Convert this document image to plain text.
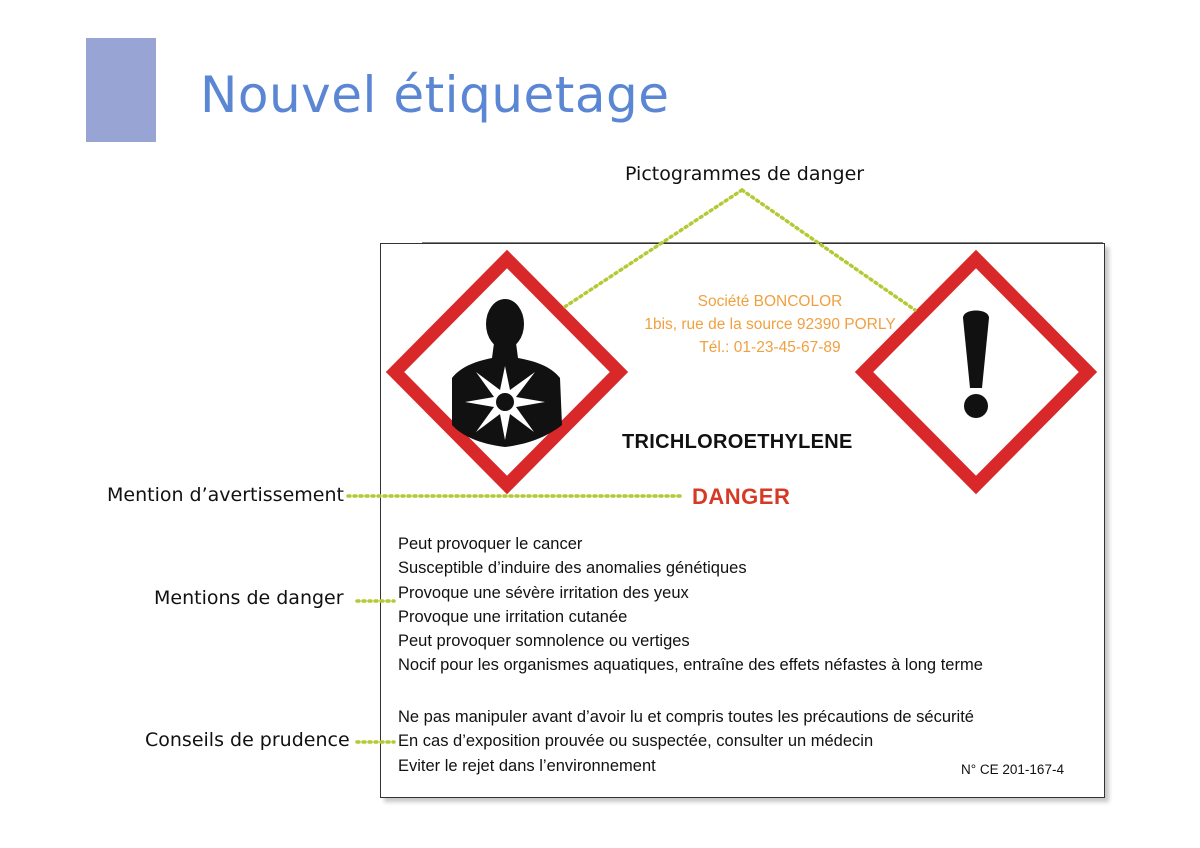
Nouvel étiquetage
Pictogrammes de danger
Mention d’avertissement
Mentions de danger
Conseils de prudence
Société BONCOLOR
1bis, rue de la source 92390 PORLY
Tél.: 01-23-45-67-89
TRICHLOROETHYLENE
DANGER
Peut provoquer le cancer
Susceptible d’induire des anomalies génétiques
Provoque une sévère irritation des yeux
Provoque une irritation cutanée
Peut provoquer somnolence ou vertiges
Nocif pour les organismes aquatiques, entraîne des effets néfastes à long terme
Ne pas manipuler avant d’avoir lu et compris toutes les précautions de sécurité
En cas d’exposition prouvée ou suspectée, consulter un médecin
Eviter le rejet dans l’environnement	N° CE 201-167-4
